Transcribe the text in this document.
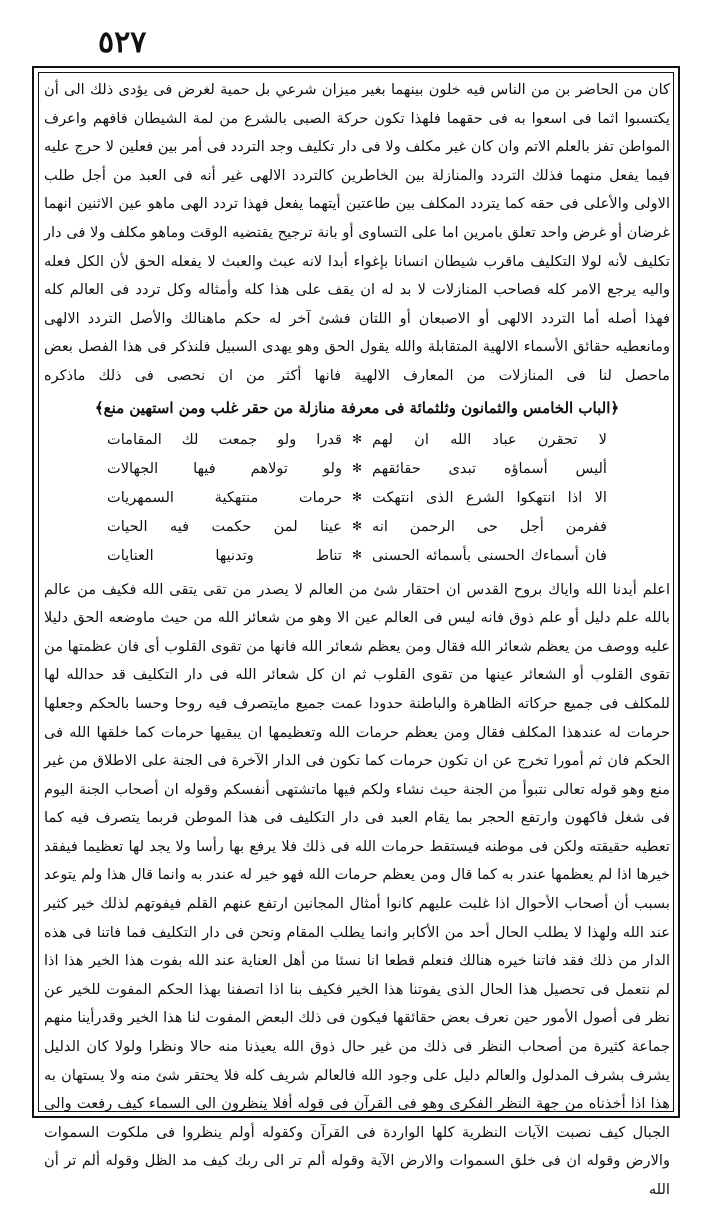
٥٢٧

كان من الحاضر بن من الناس فيه خلون بينهما بغير ميزان شرعي بل حمية لغرض فى يؤدى ذلك الى أن يكتسبوا اثما فى اسعوا به فى حقهما فلهذا تكون حركة الصبى بالشرع من لمة الشيطان فافهم واعرف المواطن تفز بالعلم الاتم وان كان غير مكلف ولا فى دار تكليف وجد التردد فى أمر بين فعلين لا حرج عليه فيما يفعل منهما فذلك التردد والمنازلة بين الخاطرين كالتردد الالهى غير أنه فى العبد من أجل طلب الاولى والأعلى فى حقه كما يتردد المكلف بين طاعتين أيتهما يفعل فهذا تردد الهى ماهو عين الاثنين انهما غرضان أو غرض واحد تعلق بامرين اما على التساوى أو بانة ترجيح يقتضيه الوقت وماهو مكلف ولا فى دار تكليف لأنه لولا التكليف ماقرب شيطان انسانا بإغواء أبدا لانه عبث والعبث لا يفعله الحق لأن الكل فعله واليه يرجع الامر كله فصاحب المنازلات لا بد له ان يقف على هذا كله وأمثاله وكل تردد فى العالم كله فهذا أصله أما التردد الالهى أو الاصبعان أو اللتان فشئ آخر له حكم ماهنالك والأصل التردد الالهى ومانعطيه حقائق الأسماء الالهية المتقابلة والله يقول الحق وهو يهدى السبيل فلنذكر فى هذا الفصل بعض ماحصل لنا فى المنازلات من المعارف الالهية فانها أكثر من ان نحصى فى ذلك ماذكره

﴿الباب الخامس والثمانون وثلثمائة فى معرفة منازلة من حقر غلب ومن استهين منع﴾
لا تحقرن عباد الله ان لهم
✻
قدرا ولو جمعت لك المقامات
أليس أسماؤه تبدى حقائقهم
✻
ولو تولاهم فيها الجهالات
الا اذا انتهكوا الشرع الذى انتهكت
✻
حرمات منتهكية السمهريات
ففرمن أجل حى الرحمن انه
✻
عينا لمن حكمت فيه الحيات
فان أسماءك الحسنى بأسمائه الحسنى
✻
تناط وتدنيها العنايات

اعلم أيدنا الله واياك بروح القدس ان احتقار شئ من العالم لا يصدر من تقى يتقى الله فكيف من عالم بالله علم دليل أو علم ذوق فانه ليس فى العالم عين الا وهو من شعائر الله من حيث ماوضعه الحق دليلا عليه ووصف من يعظم شعائر الله فقال ومن يعظم شعائر الله فانها من تقوى القلوب أى فان عظمتها من تقوى القلوب أو الشعائر عينها من تقوى القلوب ثم ان كل شعائر الله فى دار التكليف قد حدالله لها للمكلف فى جميع حركاته الظاهرة والباطنة حدودا عمت جميع مايتصرف فيه روحا وحسا بالحكم وجعلها حرمات له عندهذا المكلف فقال ومن يعظم حرمات الله وتعظيمها ان يبقيها حرمات كما خلقها الله فى الحكم فان ثم أمورا تخرج عن ان تكون حرمات كما تكون فى الدار الآخرة فى الجنة على الاطلاق من غير منع وهو قوله تعالى نتبوأ من الجنة حيث نشاء ولكم فيها ماتشتهى أنفسكم وقوله ان أصحاب الجنة اليوم فى شغل فاكهون وارتفع الحجر بما يقام العبد فى دار التكليف فى هذا الموطن فربما يتصرف فيه كما تعطيه حقيقته ولكن فى موطنه فيستقط حرمات الله فى ذلك فلا يرفع بها رأسا ولا يجد لها تعظيما فيفقد خيرها اذا لم يعظمها عندر به كما قال ومن يعظم حرمات الله فهو خير له عندر به وانما قال هذا ولم يتوعد بسبب أن أصحاب الأحوال اذا غلبت عليهم كانوا أمثال المجانين ارتفع عنهم القلم فيفوتهم لذلك خير كثير عند الله ولهذا لا يطلب الحال أحد من الأكابر وانما يطلب المقام ونحن فى دار التكليف فما فاتنا فى هذه الدار من ذلك فقد فاتنا خيره هنالك فنعلم قطعا انا نسئا من أهل العناية عند الله بفوت هذا الخير هذا اذا لم نتعمل فى تحصيل هذا الحال الذى يفوتنا هذا الخير فكيف بنا اذا اتصفنا بهذا الحكم المفوت للخير عن نظر فى أصول الأمور حين نعرف بعض حقائقها فيكون فى ذلك البعض المفوت لنا هذا الخير وقدرأينا منهم جماعة كثيرة من أصحاب النظر فى ذلك من غير حال ذوق الله يعيذنا منه حالا ونظرا ولولا كان الدليل يشرف بشرف المدلول والعالم دليل على وجود الله فالعالم شريف كله فلا يحتقر شئ منه ولا يستهان به هذا اذا أخذناه من جهة النظر الفكرى وهو فى القرآن فى قوله أفلا ينظرون الى السماء كيف رفعت والى الجبال كيف نصبت الآيات النظرية كلها الواردة فى القرآن وكقوله أولم ينظروا فى ملكوت السموات والارض وقوله ان فى خلق السموات والارض الآية وقوله ألم تر الى ربك كيف مد الظل وقوله ألم تر أن الله
